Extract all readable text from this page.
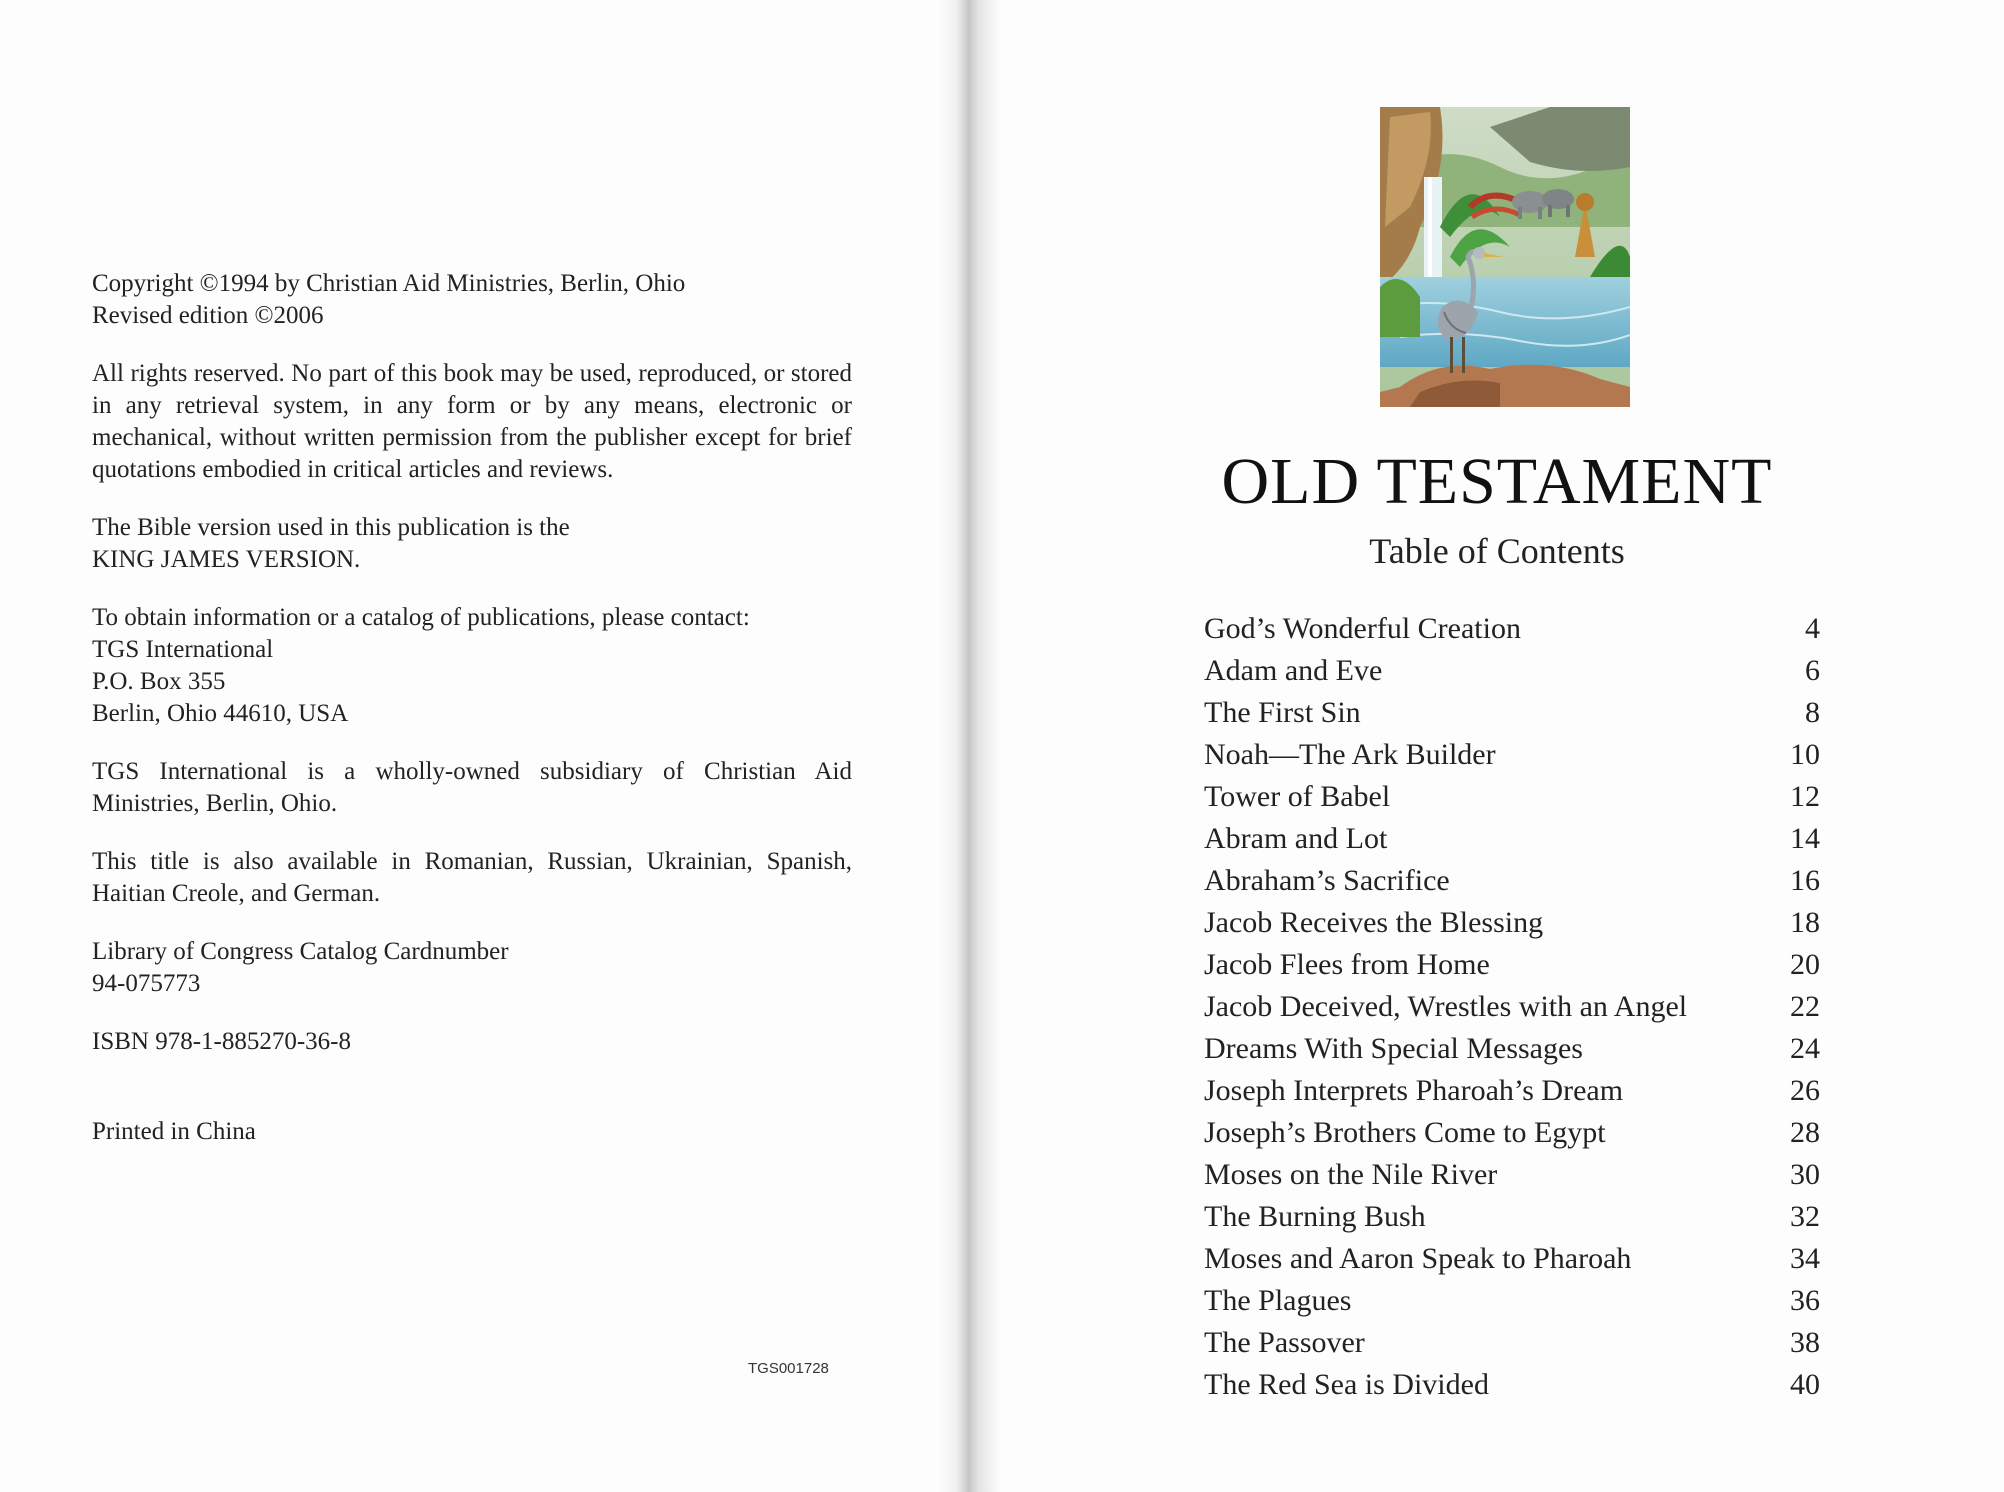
Copyright ©1994 by Christian Aid Ministries, Berlin, Ohio
Revised edition ©2006

All rights reserved. No part of this book may be used, reproduced, or stored in any retrieval system, in any form or by any means, electronic or mechanical, without written permission from the publisher except for brief quotations embodied in critical articles and reviews.

The Bible version used in this publication is the
KING JAMES VERSION.

To obtain information or a catalog of publications, please contact:
TGS International
P.O. Box 355
Berlin, Ohio 44610, USA

TGS International is a wholly-owned subsidiary of Christian Aid Ministries, Berlin, Ohio.

This title is also available in Romanian, Russian, Ukrainian, Spanish, Haitian Creole, and German.

Library of Congress Catalog Cardnumber
94-075773

ISBN 978-1-885270-36-8

Printed in China

TGS001728
OLD TESTAMENT
Table of Contents
God’s Wonderful Creation	4
Adam and Eve	6
The First Sin	8
Noah—The Ark Builder	10
Tower of Babel	12
Abram and Lot	14
Abraham’s Sacrifice	16
Jacob Receives the Blessing	18
Jacob Flees from Home	20
Jacob Deceived, Wrestles with an Angel	22
Dreams With Special Messages	24
Joseph Interprets Pharoah’s Dream	26
Joseph’s Brothers Come to Egypt	28
Moses on the Nile River	30
The Burning Bush	32
Moses and Aaron Speak to Pharoah	34
The Plagues	36
The Passover	38
The Red Sea is Divided	40
